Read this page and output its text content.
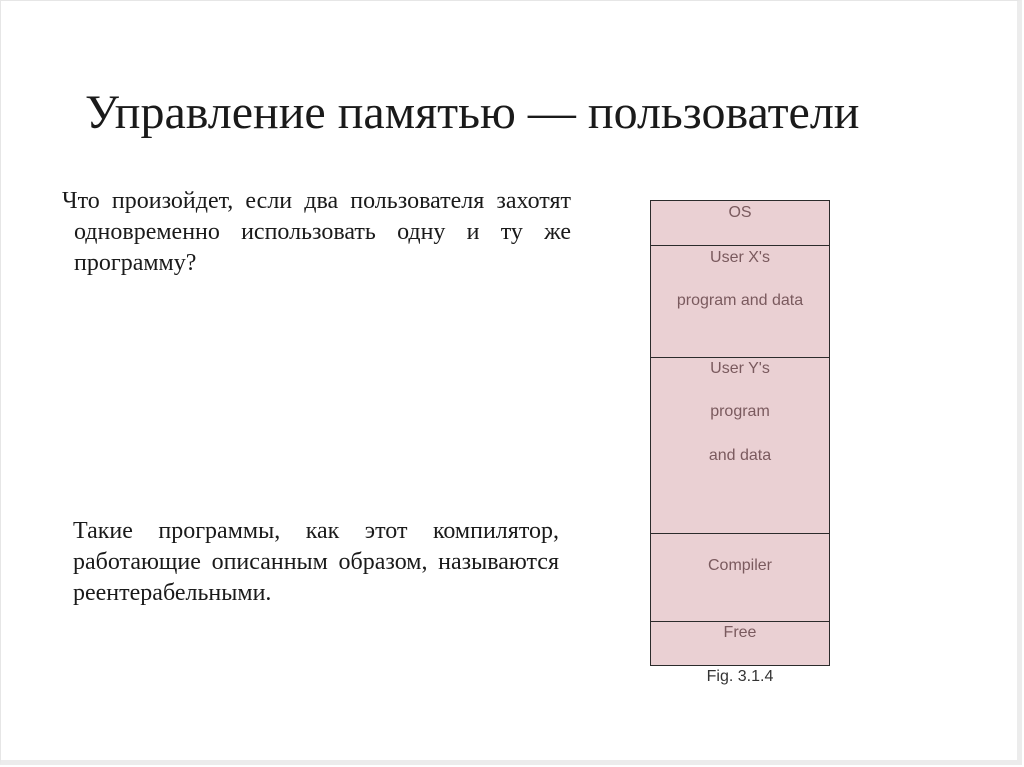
Управление памятью — пользователи
Что произойдет, если два пользователя захотят одновременно использовать одну и ту же программу?
Такие программы, как этот компилятор, работающие описанным образом, называются реентерабельными.
OS
User X's
program and data
User Y's
program
and data
Compiler
Free
Fig. 3.1.4
